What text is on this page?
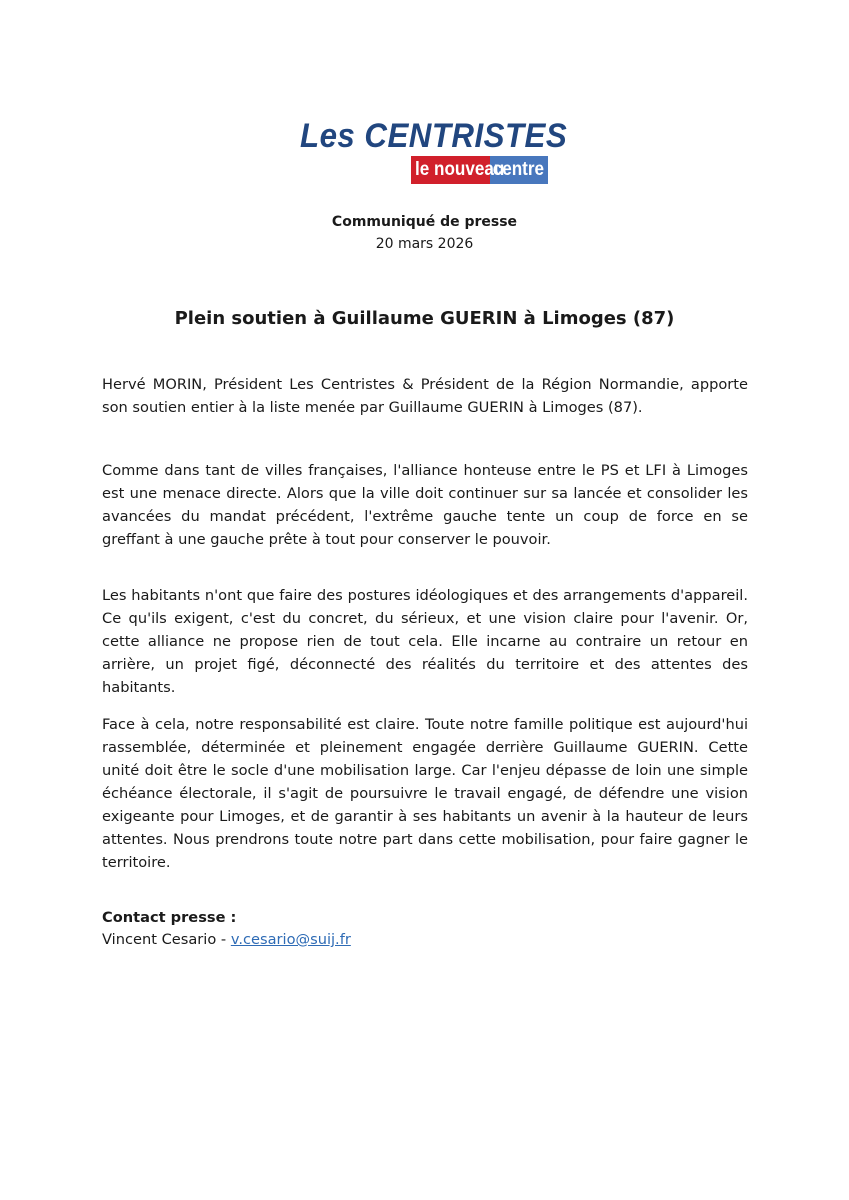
Les CENTRISTES
le nouveau
centre
Communiqué de presse
20 mars 2026
Plein soutien à Guillaume GUERIN à Limoges (87)

Hervé MORIN, Président Les Centristes & Président de la Région Normandie, apporte son soutien entier à la liste menée par Guillaume GUERIN à Limoges (87).

Comme dans tant de villes françaises, l'alliance honteuse entre le PS et LFI à Limoges est une menace directe. Alors que la ville doit continuer sur sa lancée et consolider les avancées du mandat précédent, l'extrême gauche tente un coup de force en se greffant à une gauche prête à tout pour conserver le pouvoir.

Les habitants n'ont que faire des postures idéologiques et des arrangements d'appareil. Ce qu'ils exigent, c'est du concret, du sérieux, et une vision claire pour l'avenir. Or, cette alliance ne propose rien de tout cela. Elle incarne au contraire un retour en arrière, un projet figé, déconnecté des réalités du territoire et des attentes des habitants.

Face à cela, notre responsabilité est claire. Toute notre famille politique est aujourd'hui rassemblée, déterminée et pleinement engagée derrière Guillaume GUERIN. Cette unité doit être le socle d'une mobilisation large. Car l'enjeu dépasse de loin une simple échéance électorale, il s'agit de poursuivre le travail engagé, de défendre une vision exigeante pour Limoges, et de garantir à ses habitants un avenir à la hauteur de leurs attentes. Nous prendrons toute notre part dans cette mobilisation, pour faire gagner le territoire.

Contact presse :
Vincent Cesario - v.cesario@suij.fr
